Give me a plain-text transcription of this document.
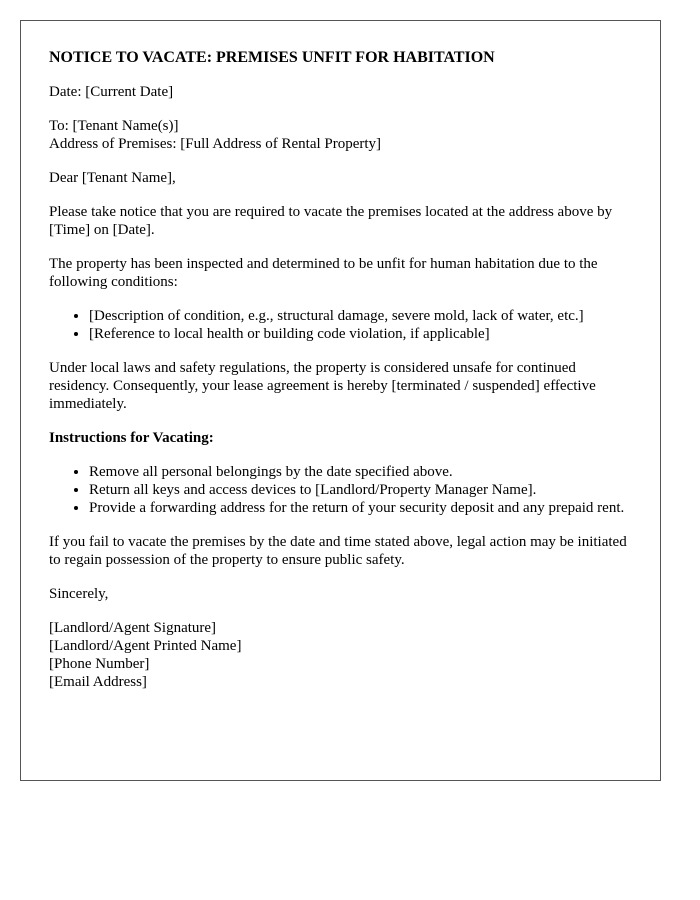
NOTICE TO VACATE: PREMISES UNFIT FOR HABITATION

Date: [Current Date]

To: [Tenant Name(s)]
Address of Premises: [Full Address of Rental Property]

Dear [Tenant Name],

Please take notice that you are required to vacate the premises located at the address above by [Time] on [Date].

The property has been inspected and determined to be unfit for human habitation due to the following conditions:

• [Description of condition, e.g., structural damage, severe mold, lack of water, etc.]
• [Reference to local health or building code violation, if applicable]

Under local laws and safety regulations, the property is considered unsafe for continued residency. Consequently, your lease agreement is hereby [terminated / suspended] effective immediately.

Instructions for Vacating:
• Remove all personal belongings by the date specified above.
• Return all keys and access devices to [Landlord/Property Manager Name].
• Provide a forwarding address for the return of your security deposit and any prepaid rent.

If you fail to vacate the premises by the date and time stated above, legal action may be initiated to regain possession of the property to ensure public safety.

Sincerely,

[Landlord/Agent Signature]
[Landlord/Agent Printed Name]
[Phone Number]
[Email Address]
